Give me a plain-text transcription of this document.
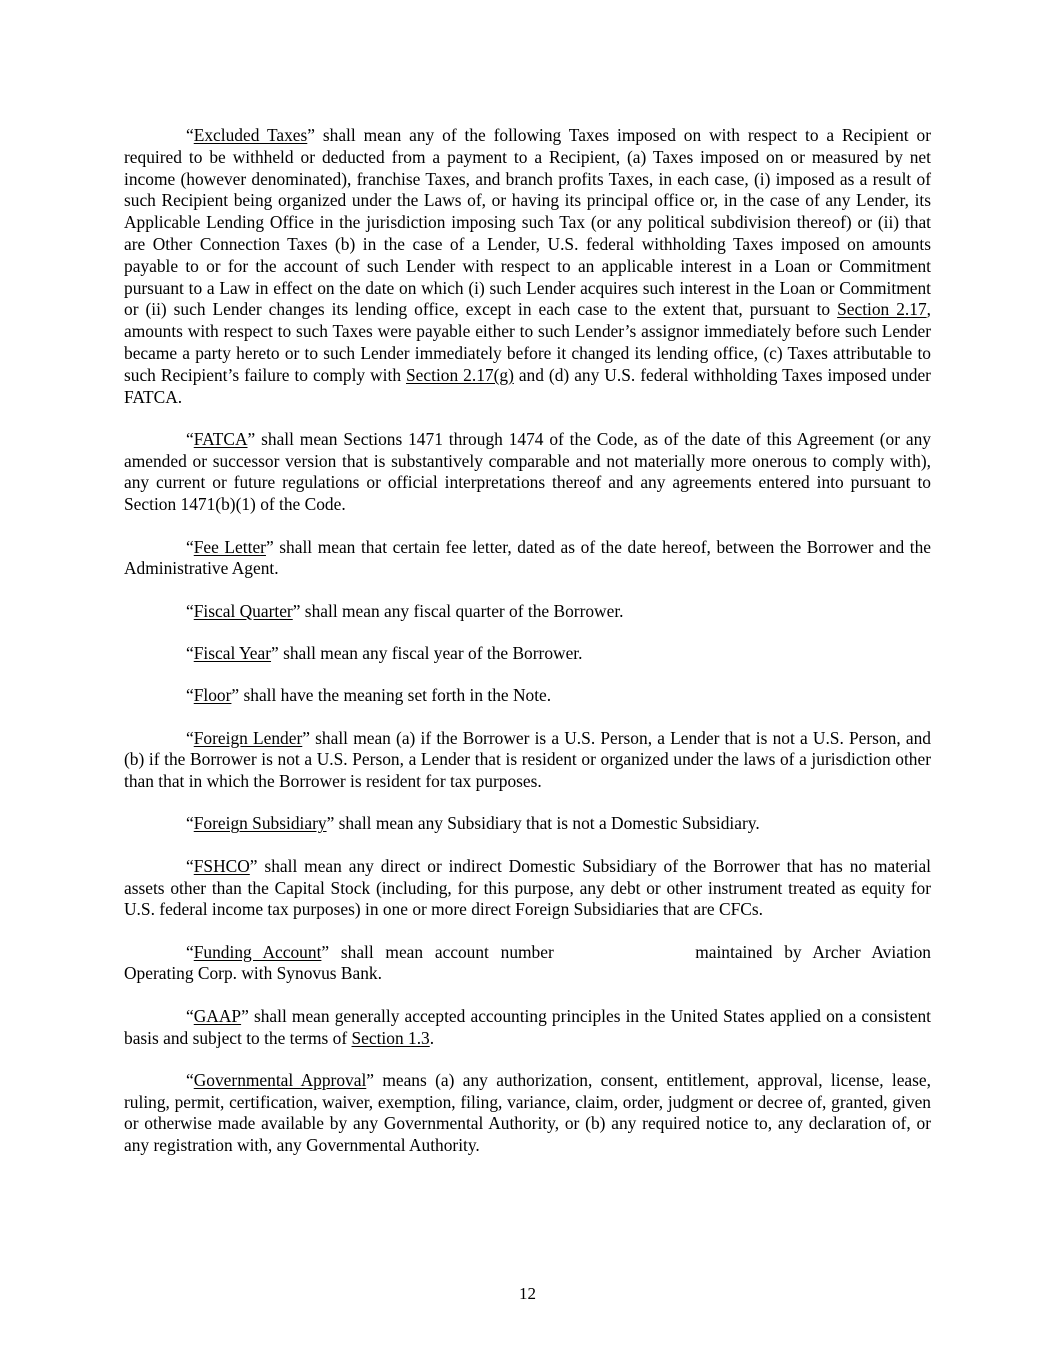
“Excluded Taxes” shall mean any of the following Taxes imposed on with respect to a Recipient or required to be withheld or deducted from a payment to a Recipient, (a) Taxes imposed on or measured by net income (however denominated), franchise Taxes, and branch profits Taxes, in each case, (i) imposed as a result of such Recipient being organized under the Laws of, or having its principal office or, in the case of any Lender, its Applicable Lending Office in the jurisdiction imposing such Tax (or any political subdivision thereof) or (ii) that are Other Connection Taxes (b) in the case of a Lender, U.S. federal withholding Taxes imposed on amounts payable to or for the account of such Lender with respect to an applicable interest in a Loan or Commitment pursuant to a Law in effect on the date on which (i) such Lender acquires such interest in the Loan or Commitment or (ii) such Lender changes its lending office, except in each case to the extent that, pursuant to Section 2.17, amounts with respect to such Taxes were payable either to such Lender’s assignor immediately before such Lender became a party hereto or to such Lender immediately before it changed its lending office, (c) Taxes attributable to such Recipient’s failure to comply with Section 2.17(g) and (d) any U.S. federal withholding Taxes imposed under FATCA.

“FATCA” shall mean Sections 1471 through 1474 of the Code, as of the date of this Agreement (or any amended or successor version that is substantively comparable and not materially more onerous to comply with), any current or future regulations or official interpretations thereof and any agreements entered into pursuant to Section 1471(b)(1) of the Code.

“Fee Letter” shall mean that certain fee letter, dated as of the date hereof, between the Borrower and the Administrative Agent.

“Fiscal Quarter” shall mean any fiscal quarter of the Borrower.

“Fiscal Year” shall mean any fiscal year of the Borrower.

“Floor” shall have the meaning set forth in the Note.

“Foreign Lender” shall mean (a) if the Borrower is a U.S. Person, a Lender that is not a U.S. Person, and (b) if the Borrower is not a U.S. Person, a Lender that is resident or organized under the laws of a jurisdiction other than that in which the Borrower is resident for tax purposes.

“Foreign Subsidiary” shall mean any Subsidiary that is not a Domestic Subsidiary.

“FSHCO” shall mean any direct or indirect Domestic Subsidiary of the Borrower that has no material assets other than the Capital Stock (including, for this purpose, any debt or other instrument treated as equity for U.S. federal income tax purposes) in one or more direct Foreign Subsidiaries that are CFCs.

“Funding Account” shall mean account number	maintained by Archer Aviation Operating Corp. with Synovus Bank.

“GAAP” shall mean generally accepted accounting principles in the United States applied on a consistent basis and subject to the terms of Section 1.3.

“Governmental Approval” means (a) any authorization, consent, entitlement, approval, license, lease, ruling, permit, certification, waiver, exemption, filing, variance, claim, order, judgment or decree of, granted, given or otherwise made available by any Governmental Authority, or (b) any required notice to, any declaration of, or any registration with, any Governmental Authority.

12
